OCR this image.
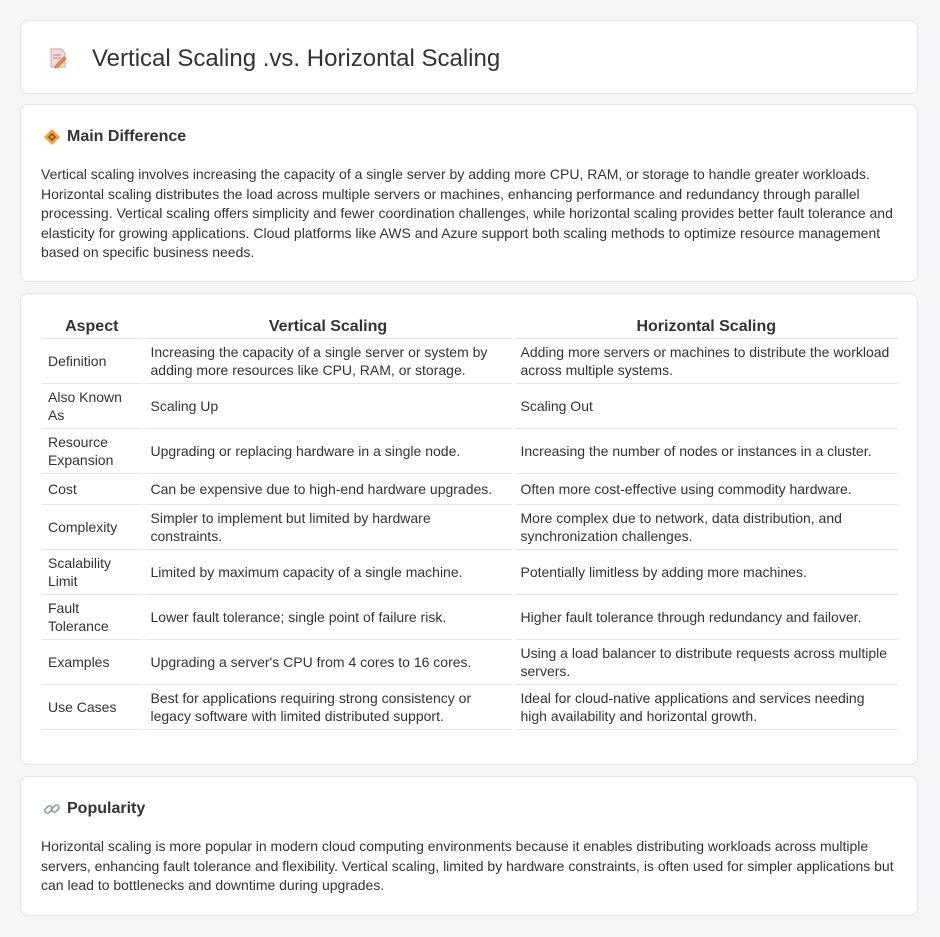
Vertical Scaling .vs. Horizontal Scaling
Main Difference

Vertical scaling involves increasing the capacity of a single server by adding more CPU, RAM, or storage to handle greater workloads. Horizontal scaling distributes the load across multiple servers or machines, enhancing performance and redundancy through parallel processing. Vertical scaling offers simplicity and fewer coordination challenges, while horizontal scaling provides better fault tolerance and elasticity for growing applications. Cloud platforms like AWS and Azure support both scaling methods to optimize resource management based on specific business needs.

Aspect	Vertical Scaling	Horizontal Scaling
Definition	Increasing the capacity of a single server or system by adding more resources like CPU, RAM, or storage.	Adding more servers or machines to distribute the workload across multiple systems.
Also Known As	Scaling Up	Scaling Out
Resource Expansion	Upgrading or replacing hardware in a single node.	Increasing the number of nodes or instances in a cluster.
Cost	Can be expensive due to high-end hardware upgrades.	Often more cost-effective using commodity hardware.
Complexity	Simpler to implement but limited by hardware constraints.	More complex due to network, data distribution, and synchronization challenges.
Scalability Limit	Limited by maximum capacity of a single machine.	Potentially limitless by adding more machines.
Fault Tolerance	Lower fault tolerance; single point of failure risk.	Higher fault tolerance through redundancy and failover.
Examples	Upgrading a server's CPU from 4 cores to 16 cores.	Using a load balancer to distribute requests across multiple servers.
Use Cases	Best for applications requiring strong consistency or legacy software with limited distributed support.	Ideal for cloud-native applications and services needing high availability and horizontal growth.
Popularity

Horizontal scaling is more popular in modern cloud computing environments because it enables distributing workloads across multiple servers, enhancing fault tolerance and flexibility. Vertical scaling, limited by hardware constraints, is often used for simpler applications but can lead to bottlenecks and downtime during upgrades.
